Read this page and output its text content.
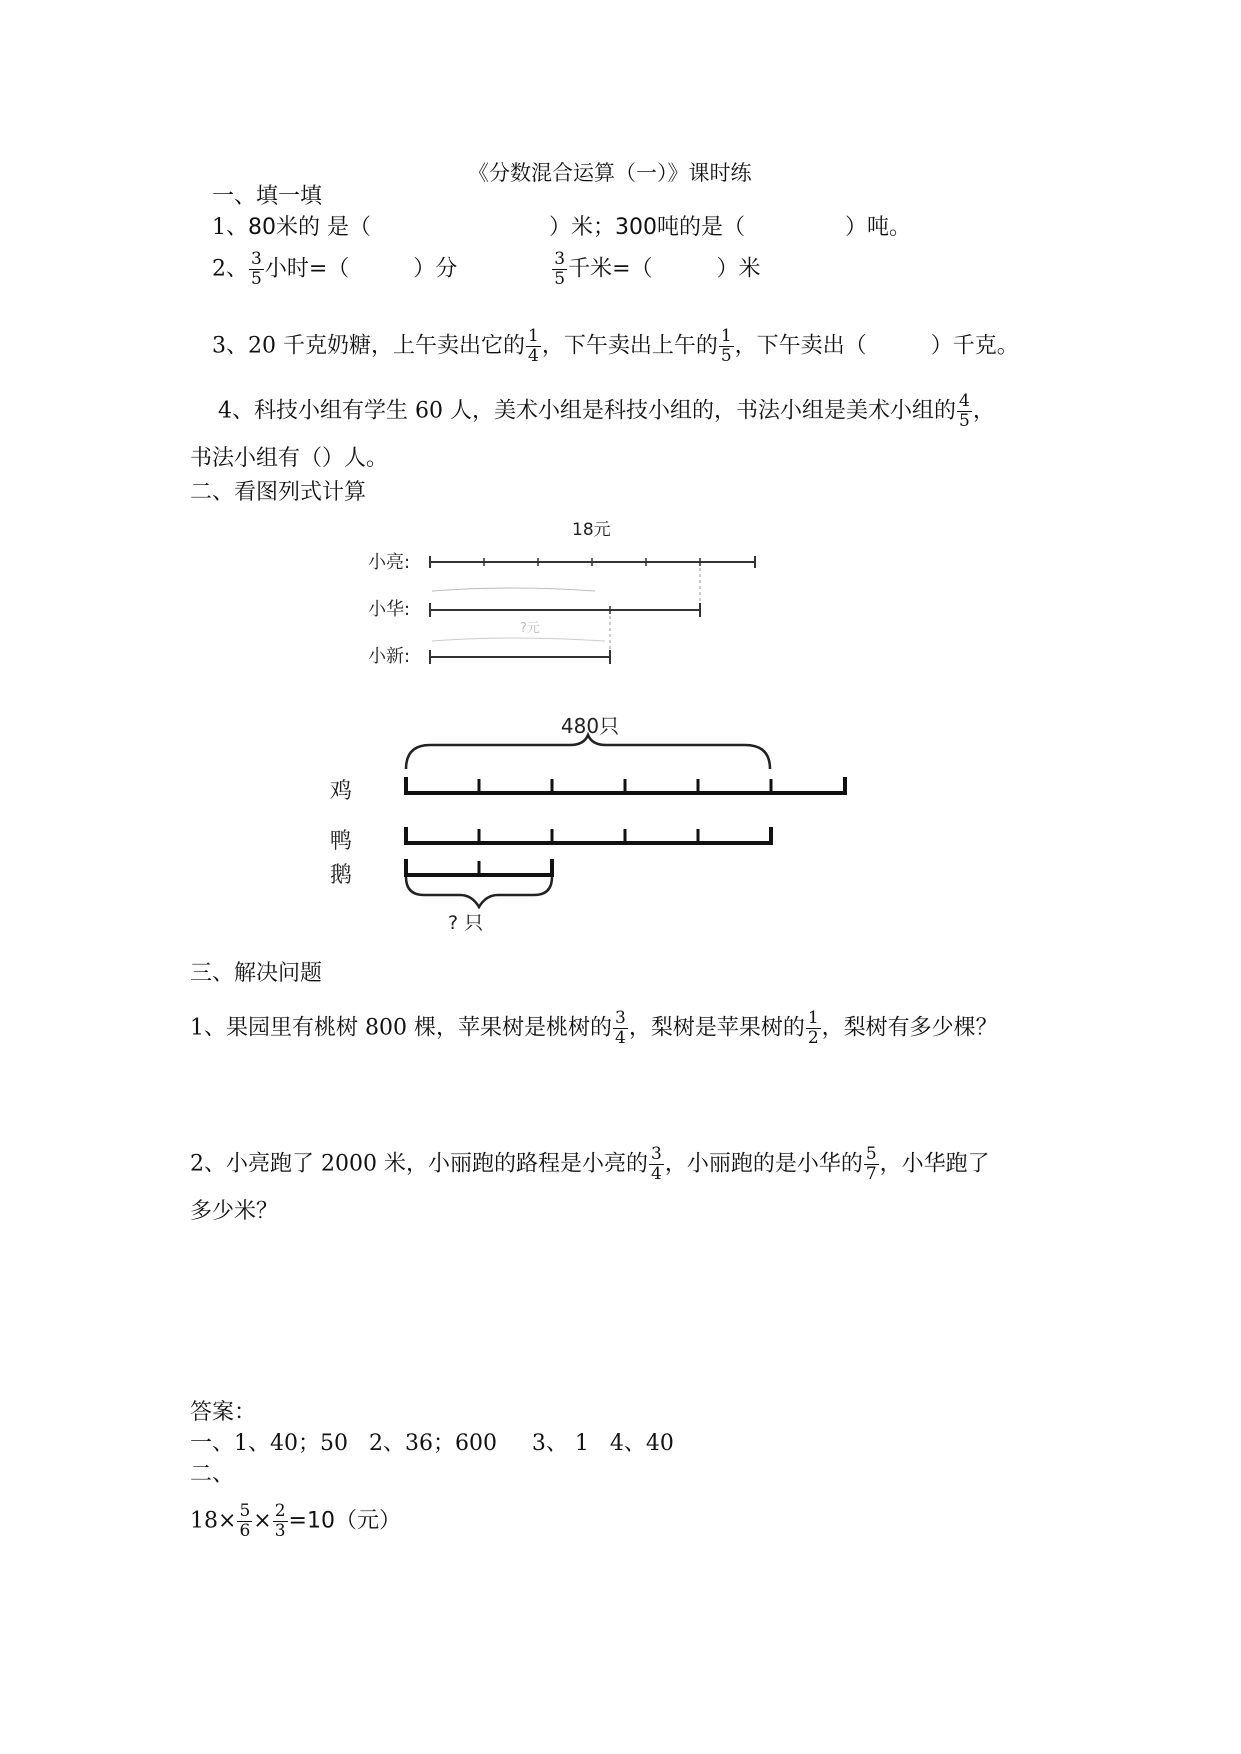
《分数混合运算（一）》课时练
一、填一填
1、80米的 是（	）米；300吨的是（	）吨。
2、 $\frac{3}{5}$ 小时=（	）分	$\frac{3}{5}$ 千米=（	）米
3、20 千克奶糖，上午卖出它的 $\frac{1}{4}$ ，下午卖出上午的 $\frac{1}{5}$ ，下午卖出（	）千克。
4、科技小组有学生 60 人，美术小组是科技小组的，书法小组是美术小组的 $\frac{4}{5}$ ，
书法小组有（）人。
二、看图列式计算
18元
小亮:
小华:
?元
小新:
480只
鸡
鸭
鹅
? 只
三、解决问题
1、果园里有桃树 800 棵，苹果树是桃树的 $\frac{3}{4}$ ，梨树是苹果树的 $\frac{1}{2}$ ，梨树有多少棵？
2、小亮跑了 2000 米，小丽跑的路程是小亮的 $\frac{3}{4}$ ，小丽跑的是小华的 $\frac{5}{7}$ ，小华跑了
多少米？
答案：
一、1、40；50   2、36；600     3、 1   4、40
二、
$18\times \frac{5}{6} \times \frac{2}{3} =10$（元）
